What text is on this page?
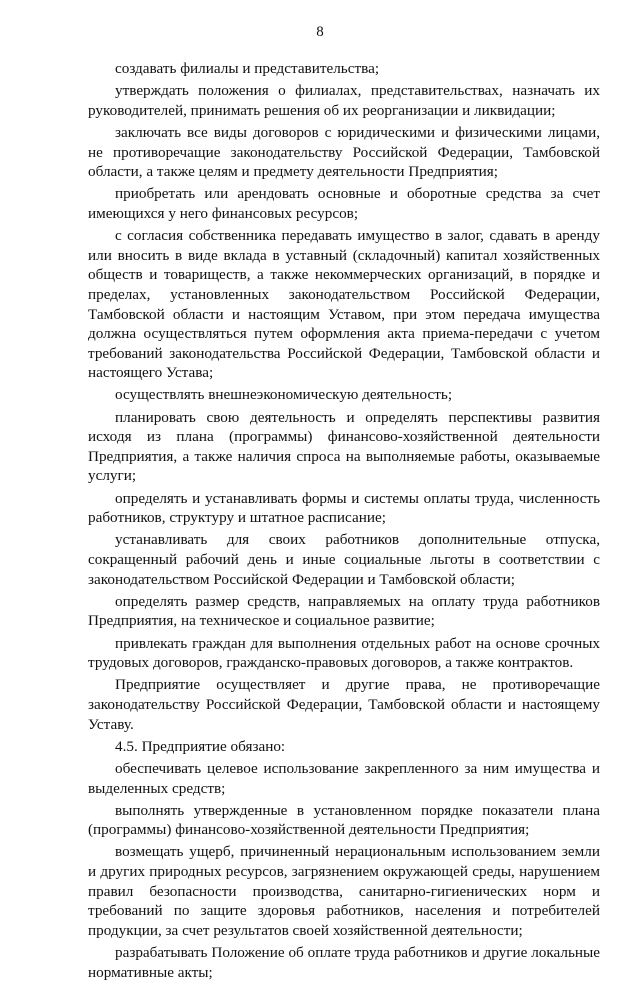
8

создавать филиалы и представительства;

утверждать положения о филиалах, представительствах, назначать их руководителей, принимать решения об их реорганизации и ликвидации;

заключать все виды договоров с юридическими и физическими лицами, не противоречащие законодательству Российской Федерации, Тамбовской области, а также целям и предмету деятельности Предприятия;

приобретать или арендовать основные и оборотные средства за счет имеющихся у него финансовых ресурсов;

с согласия собственника передавать имущество в залог, сдавать в аренду или вносить в виде вклада в уставный (складочный) капитал хозяйственных обществ и товариществ, а также некоммерческих организаций, в порядке и пределах, установленных законодательством Российской Федерации, Тамбовской области и настоящим Уставом, при этом передача имущества должна осуществляться путем оформления акта приема-передачи с учетом требований законодательства Российской Федерации, Тамбовской области и настоящего Устава;

осуществлять внешнеэкономическую деятельность;

планировать свою деятельность и определять перспективы развития исходя из плана (программы) финансово-хозяйственной деятельности Предприятия, а также наличия спроса на выполняемые работы, оказываемые услуги;

определять и устанавливать формы и системы оплаты труда, численность работников, структуру и штатное расписание;

устанавливать для своих работников дополнительные отпуска, сокращенный рабочий день и иные социальные льготы в соответствии с законодательством Российской Федерации и Тамбовской области;

определять размер средств, направляемых на оплату труда работников Предприятия, на техническое и социальное развитие;

привлекать граждан для выполнения отдельных работ на основе срочных трудовых договоров, гражданско-правовых договоров, а также контрактов.

Предприятие осуществляет и другие права, не противоречащие законодательству Российской Федерации, Тамбовской области и настоящему Уставу.

4.5. Предприятие обязано:

обеспечивать целевое использование закрепленного за ним имущества и выделенных средств;

выполнять утвержденные в установленном порядке показатели плана (программы) финансово-хозяйственной деятельности Предприятия;

возмещать ущерб, причиненный нерациональным использованием земли и других природных ресурсов, загрязнением окружающей среды, нарушением правил безопасности производства, санитарно-гигиенических норм и требований по защите здоровья работников, населения и потребителей продукции, за счет результатов своей хозяйственной деятельности;

разрабатывать Положение об оплате труда работников и другие локальные нормативные акты;
